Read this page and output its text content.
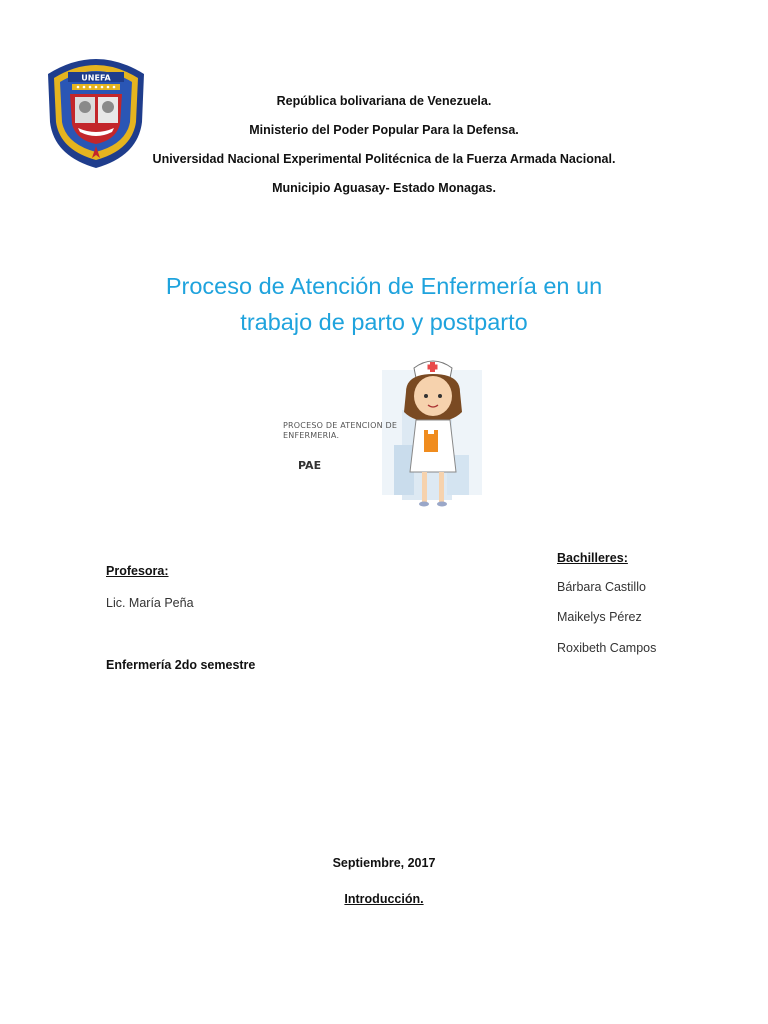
UNEFA
República bolivariana de Venezuela.
Ministerio del Poder Popular Para la Defensa.
Universidad Nacional Experimental Politécnica de la Fuerza Armada Nacional.
Municipio Aguasay- Estado Monagas.
Proceso de Atención de Enfermería en un
trabajo de parto y postparto
PROCESO DE ATENCION DE
ENFERMERIA.
PAE
Profesora:
Lic. María Peña
Enfermería 2do semestre
Bachilleres:
Bárbara Castillo
Maikelys Pérez
Roxibeth Campos
Septiembre, 2017
Introducción.
